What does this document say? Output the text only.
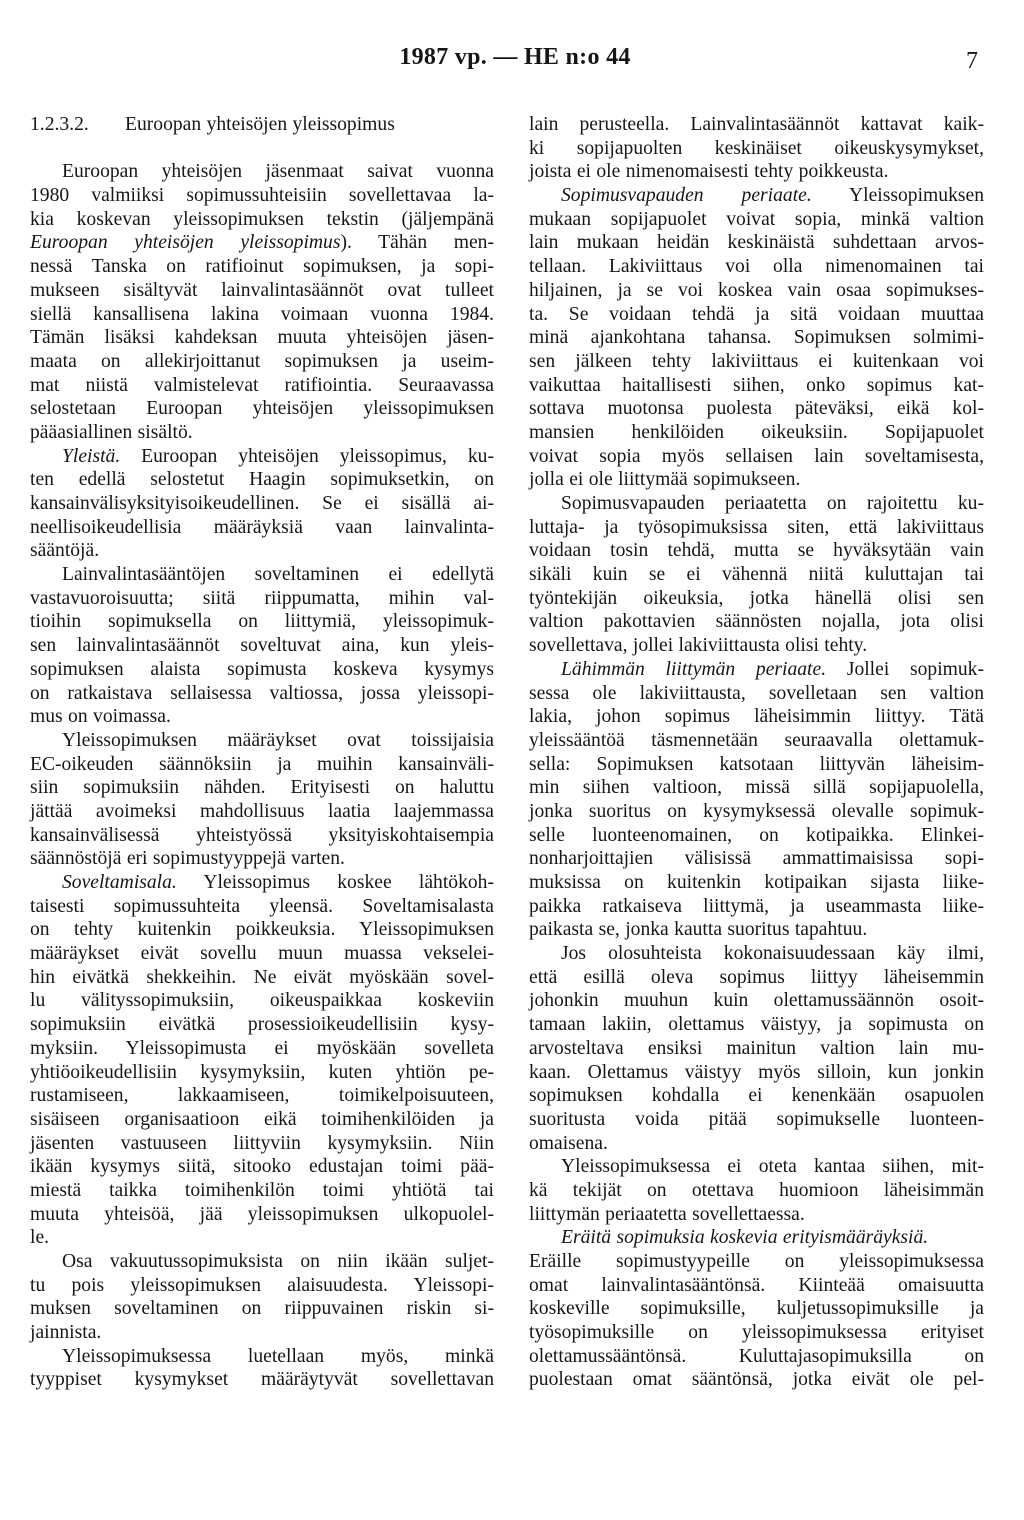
1987 vp. — HE n:o 44	7
1.2.3.2. Euroopan yhteisöjen yleissopimus
Euroopan yhteisöjen jäsenmaat saivat vuonna
1980 valmiiksi sopimussuhteisiin sovellettavaa la-
kia koskevan yleissopimuksen tekstin (jäljempänä
Euroopan yhteisöjen yleissopimus). Tähän men-
nessä Tanska on ratifioinut sopimuksen, ja sopi-
mukseen sisältyvät lainvalintasäännöt ovat tulleet
siellä kansallisena lakina voimaan vuonna 1984.
Tämän lisäksi kahdeksan muuta yhteisöjen jäsen-
maata on allekirjoittanut sopimuksen ja useim-
mat niistä valmistelevat ratifiointia. Seuraavassa
selostetaan Euroopan yhteisöjen yleissopimuksen
pääasiallinen sisältö.
Yleistä. Euroopan yhteisöjen yleissopimus, ku-
ten edellä selostetut Haagin sopimuksetkin, on
kansainvälisyksityisoikeudellinen. Se ei sisällä ai-
neellisoikeudellisia määräyksiä vaan lainvalinta-
sääntöjä.
Lainvalintasääntöjen soveltaminen ei edellytä
vastavuoroisuutta; siitä riippumatta, mihin val-
tioihin sopimuksella on liittymiä, yleissopimuk-
sen lainvalintasäännöt soveltuvat aina, kun yleis-
sopimuksen alaista sopimusta koskeva kysymys
on ratkaistava sellaisessa valtiossa, jossa yleissopi-
mus on voimassa.
Yleissopimuksen määräykset ovat toissijaisia
EC-oikeuden säännöksiin ja muihin kansainväli-
siin sopimuksiin nähden. Erityisesti on haluttu
jättää avoimeksi mahdollisuus laatia laajemmassa
kansainvälisessä yhteistyössä yksityiskohtaisempia
säännöstöjä eri sopimustyyppejä varten.
Soveltamisala. Yleissopimus koskee lähtökoh-
taisesti sopimussuhteita yleensä. Soveltamisalasta
on tehty kuitenkin poikkeuksia. Yleissopimuksen
määräykset eivät sovellu muun muassa vekselei-
hin eivätkä shekkeihin. Ne eivät myöskään sovel-
lu välityssopimuksiin, oikeuspaikkaa koskeviin
sopimuksiin eivätkä prosessioikeudellisiin kysy-
myksiin. Yleissopimusta ei myöskään sovelleta
yhtiöoikeudellisiin kysymyksiin, kuten yhtiön pe-
rustamiseen, lakkaamiseen, toimikelpoisuuteen,
sisäiseen organisaatioon eikä toimihenkilöiden ja
jäsenten vastuuseen liittyviin kysymyksiin. Niin
ikään kysymys siitä, sitooko edustajan toimi pää-
miestä taikka toimihenkilön toimi yhtiötä tai
muuta yhteisöä, jää yleissopimuksen ulkopuolel-
le.
Osa vakuutussopimuksista on niin ikään suljet-
tu pois yleissopimuksen alaisuudesta. Yleissopi-
muksen soveltaminen on riippuvainen riskin si-
jainnista.
Yleissopimuksessa luetellaan myös, minkä
tyyppiset kysymykset määräytyvät sovellettavan
lain perusteella. Lainvalintasäännöt kattavat kaik-
ki sopijapuolten keskinäiset oikeuskysymykset,
joista ei ole nimenomaisesti tehty poikkeusta.
Sopimusvapauden periaate. Yleissopimuksen
mukaan sopijapuolet voivat sopia, minkä valtion
lain mukaan heidän keskinäistä suhdettaan arvos-
tellaan. Lakiviittaus voi olla nimenomainen tai
hiljainen, ja se voi koskea vain osaa sopimukses-
ta. Se voidaan tehdä ja sitä voidaan muuttaa
minä ajankohtana tahansa. Sopimuksen solmimi-
sen jälkeen tehty lakiviittaus ei kuitenkaan voi
vaikuttaa haitallisesti siihen, onko sopimus kat-
sottava muotonsa puolesta päteväksi, eikä kol-
mansien henkilöiden oikeuksiin. Sopijapuolet
voivat sopia myös sellaisen lain soveltamisesta,
jolla ei ole liittymää sopimukseen.
Sopimusvapauden periaatetta on rajoitettu ku-
luttaja- ja työsopimuksissa siten, että lakiviittaus
voidaan tosin tehdä, mutta se hyväksytään vain
sikäli kuin se ei vähennä niitä kuluttajan tai
työntekijän oikeuksia, jotka hänellä olisi sen
valtion pakottavien säännösten nojalla, jota olisi
sovellettava, jollei lakiviittausta olisi tehty.
Lähimmän liittymän periaate. Jollei sopimuk-
sessa ole lakiviittausta, sovelletaan sen valtion
lakia, johon sopimus läheisimmin liittyy. Tätä
yleissääntöä täsmennetään seuraavalla olettamuk-
sella: Sopimuksen katsotaan liittyvän läheisim-
min siihen valtioon, missä sillä sopijapuolella,
jonka suoritus on kysymyksessä olevalle sopimuk-
selle luonteenomainen, on kotipaikka. Elinkei-
nonharjoittajien välisissä ammattimaisissa sopi-
muksissa on kuitenkin kotipaikan sijasta liike-
paikka ratkaiseva liittymä, ja useammasta liike-
paikasta se, jonka kautta suoritus tapahtuu.
Jos olosuhteista kokonaisuudessaan käy ilmi,
että esillä oleva sopimus liittyy läheisemmin
johonkin muuhun kuin olettamussäännön osoit-
tamaan lakiin, olettamus väistyy, ja sopimusta on
arvosteltava ensiksi mainitun valtion lain mu-
kaan. Olettamus väistyy myös silloin, kun jonkin
sopimuksen kohdalla ei kenenkään osapuolen
suoritusta voida pitää sopimukselle luonteen-
omaisena.
Yleissopimuksessa ei oteta kantaa siihen, mit-
kä tekijät on otettava huomioon läheisimmän
liittymän periaatetta sovellettaessa.
Eräitä sopimuksia koskevia erityismääräyksiä.
Eräille sopimustyypeille on yleissopimuksessa
omat lainvalintasääntönsä. Kiinteää omaisuutta
koskeville sopimuksille, kuljetussopimuksille ja
työsopimuksille on yleissopimuksessa erityiset
olettamussääntönsä. Kuluttajasopimuksilla on
puolestaan omat sääntönsä, jotka eivät ole pel-
